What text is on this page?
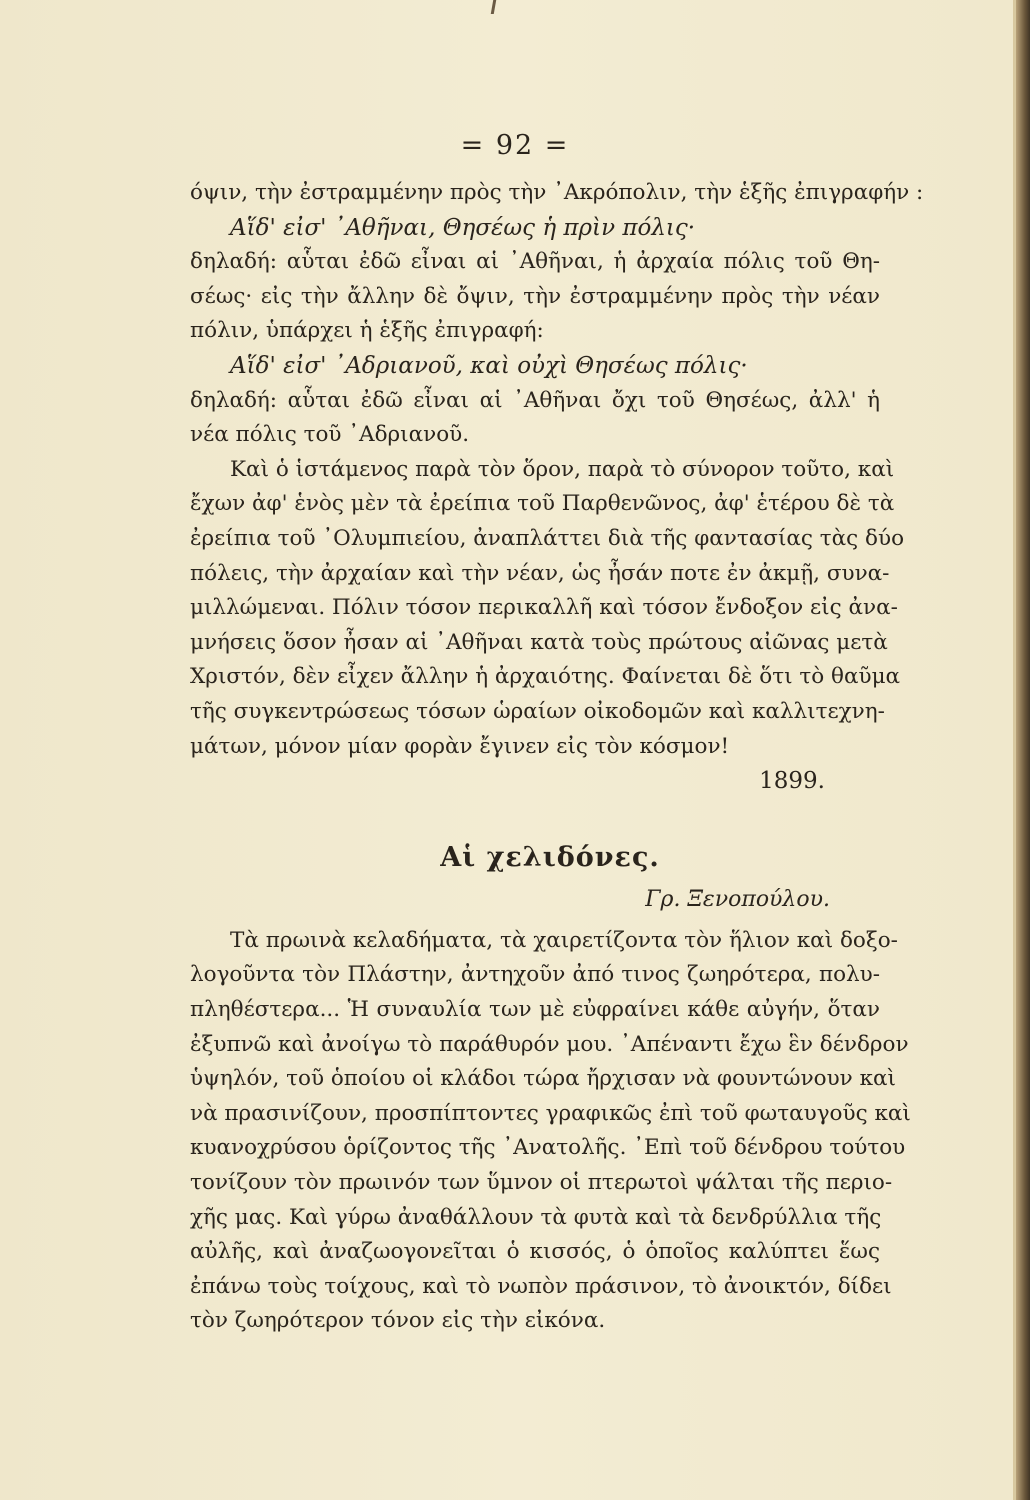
= 92 =
όψιν, τὴν ἐστραμμένην πρὸς τὴν ᾿Ακρόπολιν, τὴν ἑξῆς ἐπιγραφήν :
Αἵδ' εἰσ' ᾿Αθῆναι, Θησέως ἡ πρὶν πόλις·
δηλαδή: αὗται ἐδῶ εἶναι αἱ ᾿Αθῆναι, ἡ ἀρχαία πόλις τοῦ Θη-
σέως· εἰς τὴν ἄλλην δὲ ὄψιν, τὴν ἐστραμμένην πρὸς τὴν νέαν
πόλιν, ὑπάρχει ἡ ἑξῆς ἐπιγραφή:
Αἵδ' εἰσ' ᾿Αδριανοῦ, καὶ οὐχὶ Θησέως πόλις·
δηλαδή: αὗται ἐδῶ εἶναι αἱ ᾿Αθῆναι ὄχι τοῦ Θησέως, ἀλλ' ἡ
νέα πόλις τοῦ ᾿Αδριανοῦ.
Καὶ ὁ ἱστάμενος παρὰ τὸν ὅρον, παρὰ τὸ σύνορον τοῦτο, καὶ
ἔχων ἀφ' ἑνὸς μὲν τὰ ἐρείπια τοῦ Παρθενῶνος, ἀφ' ἑτέρου δὲ τὰ
ἐρείπια τοῦ ᾿Ολυμπιείου, ἀναπλάττει διὰ τῆς φαντασίας τὰς δύο
πόλεις, τὴν ἀρχαίαν καὶ τὴν νέαν, ὡς ἦσάν ποτε ἐν ἀκμῇ, συνα-
μιλλώμεναι. Πόλιν τόσον περικαλλῆ καὶ τόσον ἔνδοξον εἰς ἀνα-
μνήσεις ὅσον ἦσαν αἱ ᾿Αθῆναι κατὰ τοὺς πρώτους αἰῶνας μετὰ
Χριστόν, δὲν εἶχεν ἄλλην ἡ ἀρχαιότης. Φαίνεται δὲ ὅτι τὸ θαῦμα
τῆς συγκεντρώσεως τόσων ὡραίων οἰκοδομῶν καὶ καλλιτεχνη-
μάτων, μόνον μίαν φορὰν ἔγινεν εἰς τὸν κόσμον!
1899.
Αἱ χελιδόνες.
Γρ. Ξενοπούλου.
Τὰ πρωινὰ κελαδήματα, τὰ χαιρετίζοντα τὸν ἥλιον καὶ δοξο-
λογοῦντα τὸν Πλάστην, ἀντηχοῦν ἀπό τινος ζωηρότερα, πολυ-
πληθέστερα... Ἡ συναυλία των μὲ εὐφραίνει κάθε αὐγήν, ὅταν
ἐξυπνῶ καὶ ἀνοίγω τὸ παράθυρόν μου. ᾿Απέναντι ἔχω ἓν δένδρον
ὑψηλόν, τοῦ ὁποίου οἱ κλάδοι τώρα ἤρχισαν νὰ φουντώνουν καὶ
νὰ πρασινίζουν, προσπίπτοντες γραφικῶς ἐπὶ τοῦ φωταυγοῦς καὶ
κυανοχρύσου ὁρίζοντος τῆς ᾿Ανατολῆς. ᾿Επὶ τοῦ δένδρου τούτου
τονίζουν τὸν πρωινόν των ὕμνον οἱ πτερωτοὶ ψάλται τῆς περιο-
χῆς μας. Καὶ γύρω ἀναθάλλουν τὰ φυτὰ καὶ τὰ δενδρύλλια τῆς
αὐλῆς, καὶ ἀναζωογονεῖται ὁ κισσός, ὁ ὁποῖος καλύπτει ἕως
ἐπάνω τοὺς τοίχους, καὶ τὸ νωπὸν πράσινον, τὸ ἀνοικτόν, δίδει
τὸν ζωηρότερον τόνον εἰς τὴν εἰκόνα.
